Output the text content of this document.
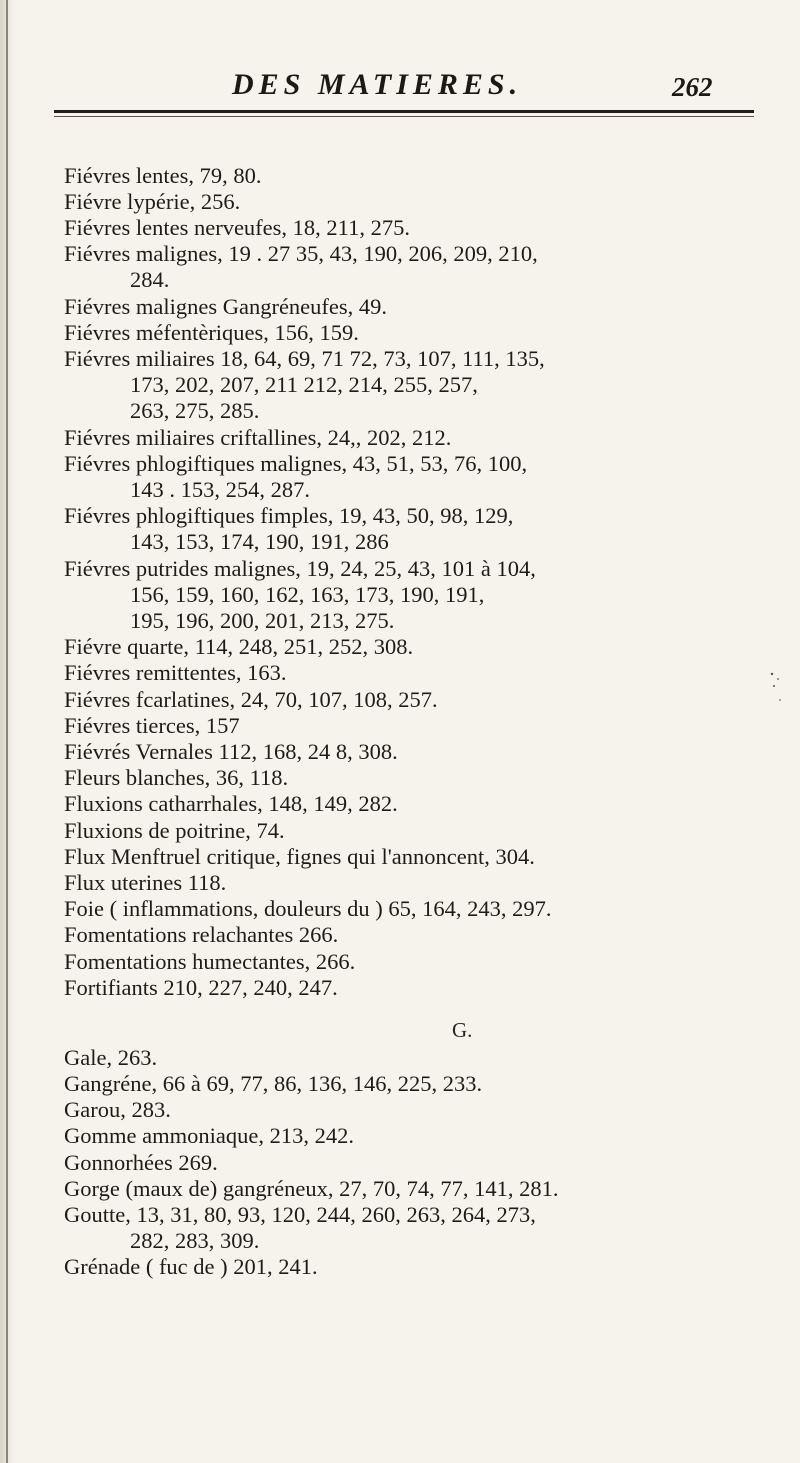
DES MATIERES.	262
Fiévres lentes, 79, 80.
Fiévre lypérie, 256.
Fiévres lentes nerveufes, 18, 211, 275.
Fiévres malignes, 19 . 27 35, 43, 190, 206, 209, 210,
284.
Fiévres malignes Gangréneufes, 49.
Fiévres méfentèriques, 156, 159.
Fiévres miliaires 18, 64, 69, 71 72, 73, 107, 111, 135,
173, 202, 207, 211 212, 214, 255, 257,
263, 275, 285.
Fiévres miliaires criftallines, 24,, 202, 212.
Fiévres phlogiftiques malignes, 43, 51, 53, 76, 100,
143 . 153, 254, 287.
Fiévres phlogiftiques fimples, 19, 43, 50, 98, 129,
143, 153, 174, 190, 191, 286
Fiévres putrides malignes, 19, 24, 25, 43, 101 à 104,
156, 159, 160, 162, 163, 173, 190, 191,
195, 196, 200, 201, 213, 275.
Fiévre quarte, 114, 248, 251, 252, 308.
Fiévres remittentes, 163.
Fiévres fcarlatines, 24, 70, 107, 108, 257.
Fiévres tierces, 157
Fiévrés Vernales 112, 168, 24 8, 308.
Fleurs blanches, 36, 118.
Fluxions catharrhales, 148, 149, 282.
Fluxions de poitrine, 74.
Flux Menftruel critique, fignes qui l'annoncent, 304.
Flux uterines 118.
Foie ( inflammations, douleurs du ) 65, 164, 243, 297.
Fomentations relachantes 266.
Fomentations humectantes, 266.
Fortifiants 210, 227, 240, 247.
Gale, 263.
Gangréne, 66 à 69, 77, 86, 136, 146, 225, 233.
Garou, 283.
Gomme ammoniaque, 213, 242.
Gonnorhées 269.
Gorge (maux de) gangréneux, 27, 70, 74, 77, 141, 281.
Goutte, 13, 31, 80, 93, 120, 244, 260, 263, 264, 273,
282, 283, 309.
Grénade ( fuc de ) 201, 241.
G.
